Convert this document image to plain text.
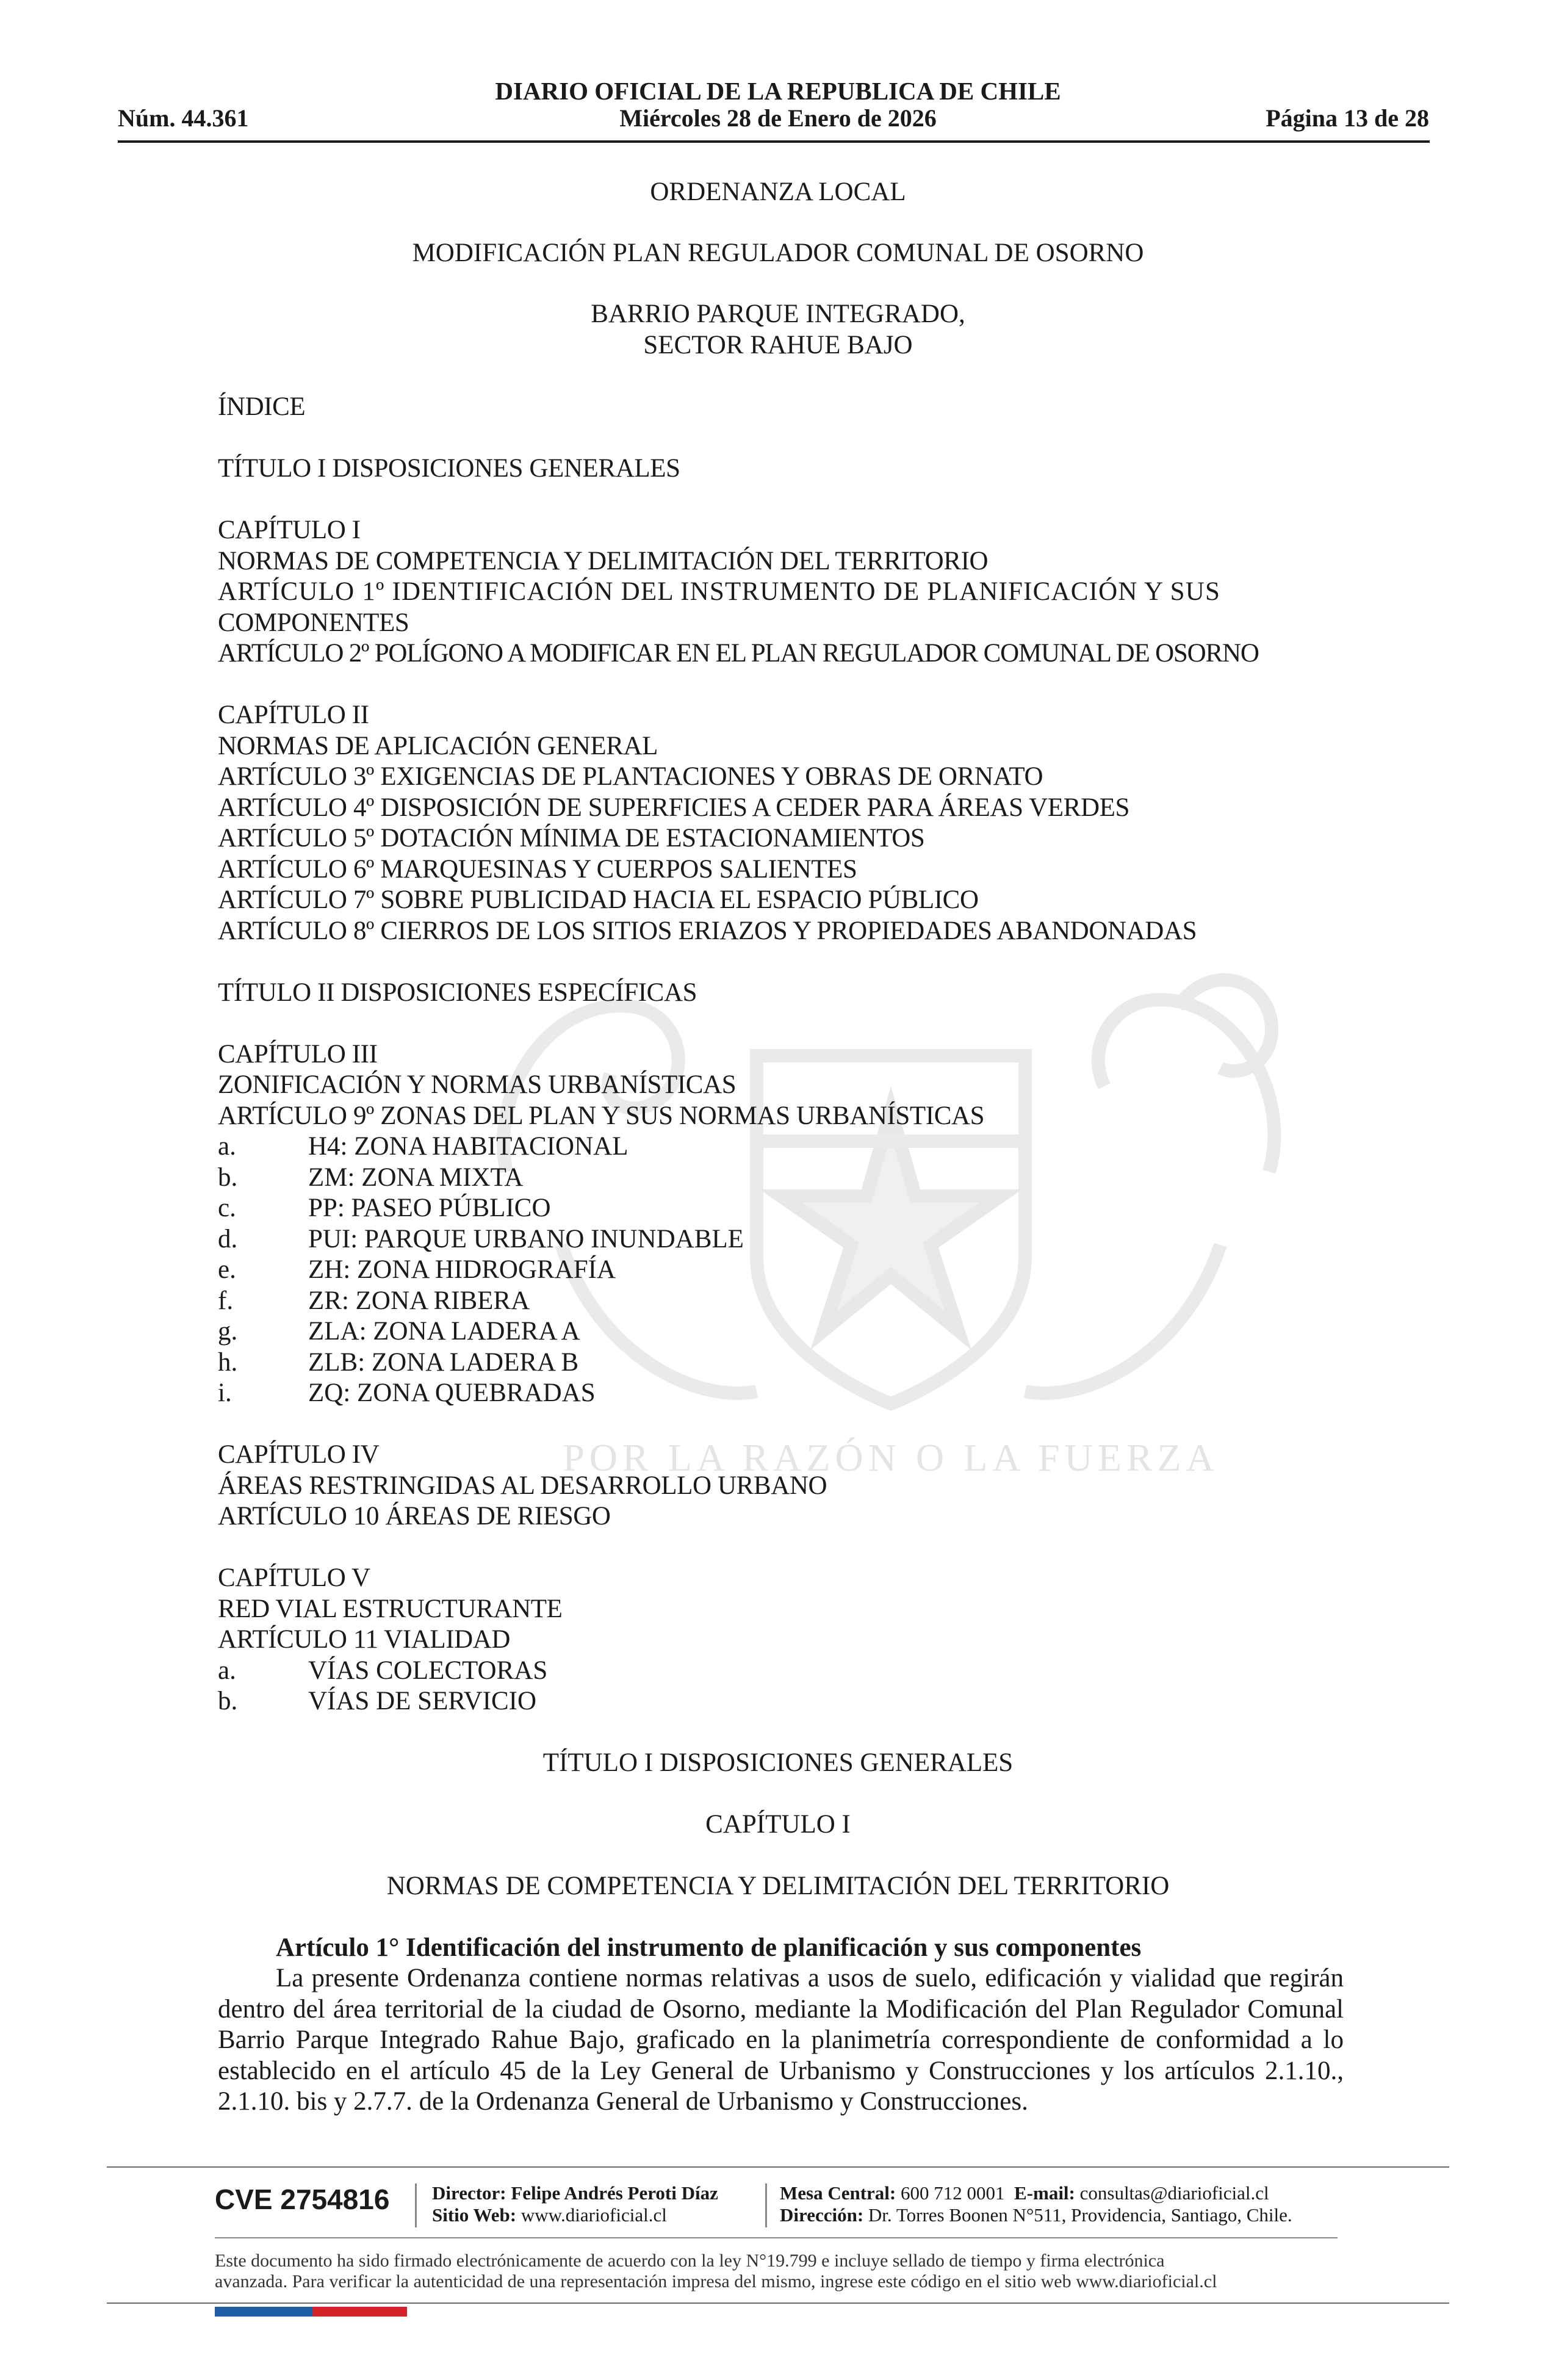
POR LA RAZÓN O LA FUERZA
Núm. 44.361
DIARIO OFICIAL DE LA REPUBLICA DE CHILE
Miércoles 28 de Enero de 2026	Página 13 de 28
ORDENANZA LOCAL
MODIFICACIÓN PLAN REGULADOR COMUNAL DE OSORNO
BARRIO PARQUE INTEGRADO,
SECTOR RAHUE BAJO
ÍNDICE
TÍTULO I DISPOSICIONES GENERALES
CAPÍTULO I
NORMAS DE COMPETENCIA Y DELIMITACIÓN DEL TERRITORIO
ARTÍCULO 1º IDENTIFICACIÓN DEL INSTRUMENTO DE PLANIFICACIÓN Y SUS
COMPONENTES
ARTÍCULO 2º POLÍGONO A MODIFICAR EN EL PLAN REGULADOR COMUNAL DE OSORNO
CAPÍTULO II
NORMAS DE APLICACIÓN GENERAL
ARTÍCULO 3º EXIGENCIAS DE PLANTACIONES Y OBRAS DE ORNATO
ARTÍCULO 4º DISPOSICIÓN DE SUPERFICIES A CEDER PARA ÁREAS VERDES
ARTÍCULO 5º DOTACIÓN MÍNIMA DE ESTACIONAMIENTOS
ARTÍCULO 6º MARQUESINAS Y CUERPOS SALIENTES
ARTÍCULO 7º SOBRE PUBLICIDAD HACIA EL ESPACIO PÚBLICO
ARTÍCULO 8º CIERROS DE LOS SITIOS ERIAZOS Y PROPIEDADES ABANDONADAS
TÍTULO II DISPOSICIONES ESPECÍFICAS
CAPÍTULO III
ZONIFICACIÓN Y NORMAS URBANÍSTICAS
ARTÍCULO 9º ZONAS DEL PLAN Y SUS NORMAS URBANÍSTICAS
a.	H4: ZONA HABITACIONAL
b.	ZM: ZONA MIXTA
c.	PP: PASEO PÚBLICO
d.	PUI: PARQUE URBANO INUNDABLE
e.	ZH: ZONA HIDROGRAFÍA
f.	ZR: ZONA RIBERA
g.	ZLA: ZONA LADERA A
h.	ZLB: ZONA LADERA B
i.	ZQ: ZONA QUEBRADAS
CAPÍTULO IV
ÁREAS RESTRINGIDAS AL DESARROLLO URBANO
ARTÍCULO 10 ÁREAS DE RIESGO
CAPÍTULO V
RED VIAL ESTRUCTURANTE
ARTÍCULO 11 VIALIDAD
a.	VÍAS COLECTORAS
b.	VÍAS DE SERVICIO
TÍTULO I DISPOSICIONES GENERALES
CAPÍTULO I
NORMAS DE COMPETENCIA Y DELIMITACIÓN DEL TERRITORIO
Artículo 1° Identificación del instrumento de planificación y sus componentes
La presente Ordenanza contiene normas relativas a usos de suelo, edificación y vialidad que regirán dentro del área territorial de la ciudad de Osorno, mediante la Modificación del Plan Regulador Comunal Barrio Parque Integrado Rahue Bajo, graficado en la planimetría correspondiente de conformidad a lo establecido en el artículo 45 de la Ley General de Urbanismo y Construcciones y los artículos 2.1.10., 2.1.10. bis y 2.7.7. de la Ordenanza General de Urbanismo y Construcciones.
CVE 2754816 Director: Felipe Andrés Peroti Díaz
Sitio Web: www.diarioficial.cl
Mesa Central: 600 712 0001 E-mail: consultas@diarioficial.cl
Dirección: Dr. Torres Boonen N°511, Providencia, Santiago, Chile.
Este documento ha sido firmado electrónicamente de acuerdo con la ley N°19.799 e incluye sellado de tiempo y firma electrónica
avanzada. Para verificar la autenticidad de una representación impresa del mismo, ingrese este código en el sitio web www.diarioficial.cl
